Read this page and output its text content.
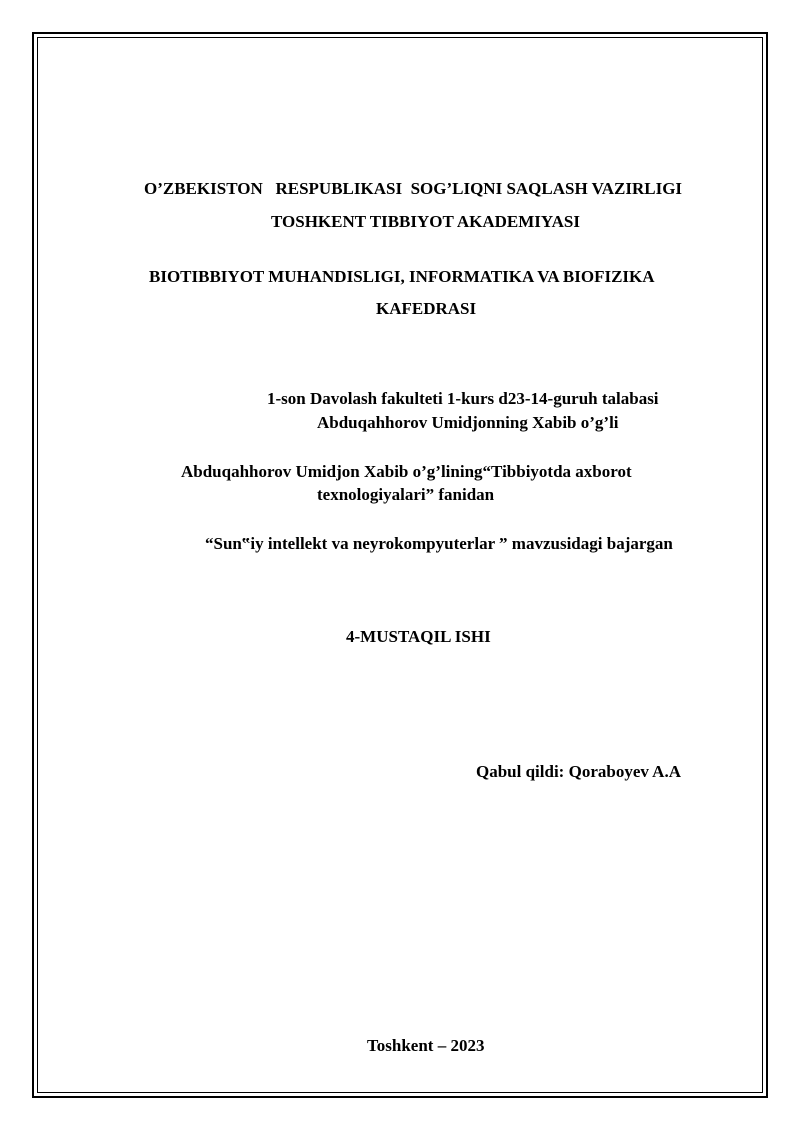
O’ZBEKISTON   RESPUBLIKASI  SOG’LIQNI SAQLASH VAZIRLIGI
TOSHKENT TIBBIYOT AKADEMIYASI
BIOTIBBIYOT MUHANDISLIGI, INFORMATIKA VA BIOFIZIKA
KAFEDRASI
1-son Davolash fakulteti 1-kurs d23-14-guruh talabasi
Abduqahhorov Umidjonning Xabib o’g’li
Abduqahhorov Umidjon Xabib o’g’lining“Tibbiyotda axborot
texnologiyalari” fanidan
“Sun‟iy intellekt va neyrokompyuterlar ” mavzusidagi bajargan
4-MUSTAQIL ISHI
Qabul qildi: Qoraboyev A.A
Toshkent – 2023
